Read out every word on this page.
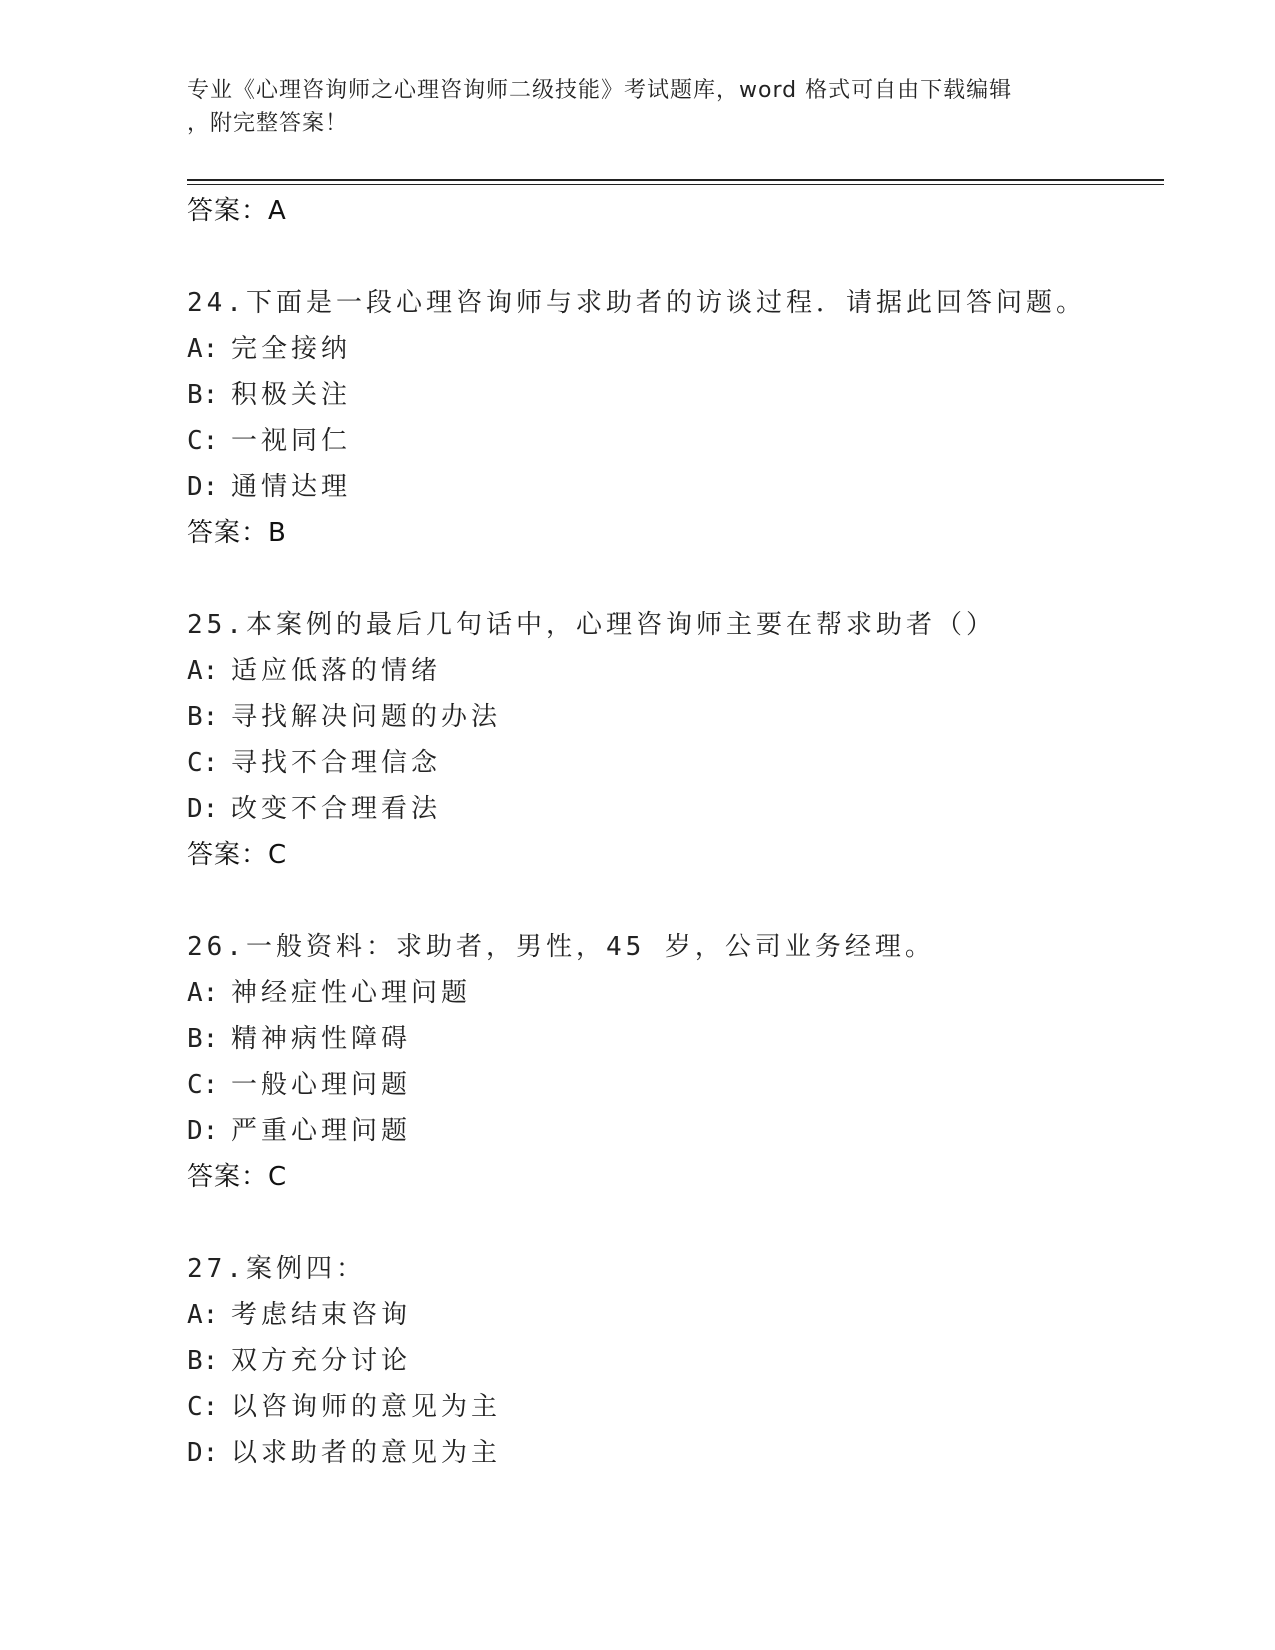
专业《心理咨询师之心理咨询师二级技能》考试题库，word 格式可自由下载编辑
，附完整答案！
答案：A
24.下面是一段心理咨询师与求助者的访谈过程．请据此回答问题。
A: 完全接纳
B: 积极关注
C: 一视同仁
D: 通情达理
答案：B
25.本案例的最后几句话中，心理咨询师主要在帮求助者（）
A: 适应低落的情绪
B: 寻找解决问题的办法
C: 寻找不合理信念
D: 改变不合理看法
答案：C
26.一般资料：求助者，男性，45 岁，公司业务经理。
A: 神经症性心理问题
B: 精神病性障碍
C: 一般心理问题
D: 严重心理问题
答案：C
27.案例四：
A: 考虑结束咨询
B: 双方充分讨论
C: 以咨询师的意见为主
D: 以求助者的意见为主
